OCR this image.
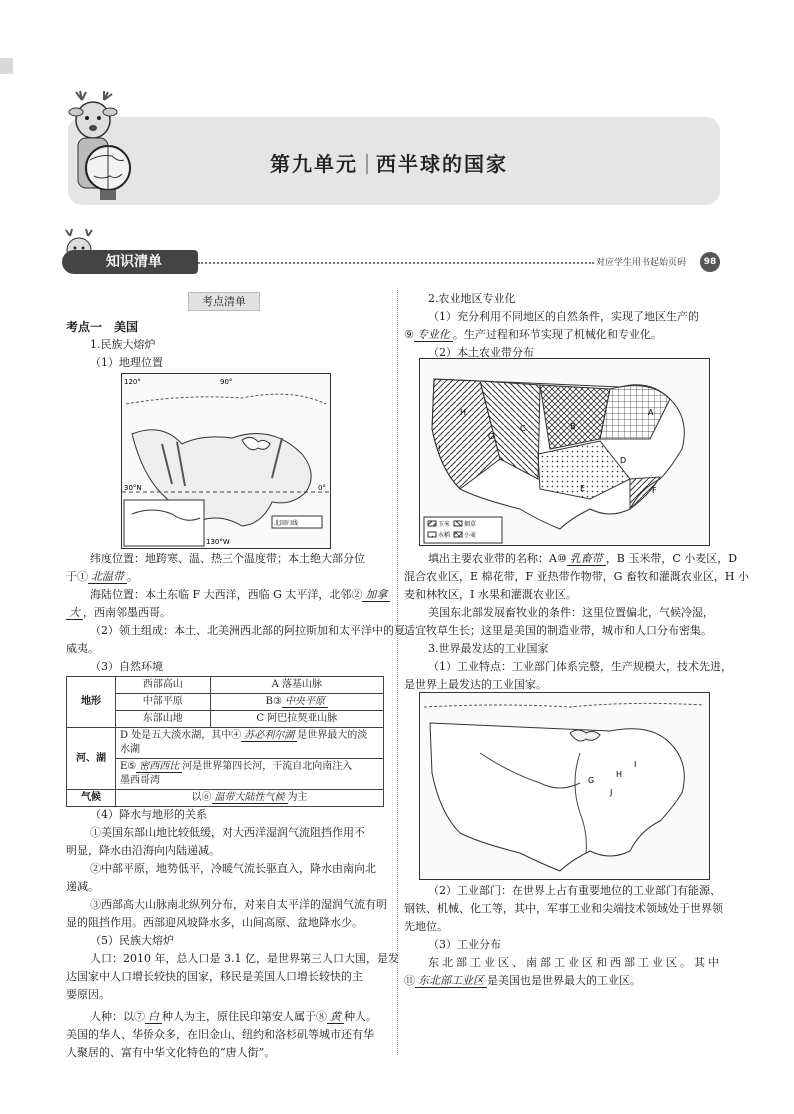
第九单元 西半球的国家
知识清单	对应学生用书起始页码	98
考点清单
考点一　美国
1.民族大熔炉
（1）地理位置
北回归线
120°	90°
30°N
130°W
0°
纬度位置：地跨寒、温、热三个温度带；本土绝大部分位
于① 北温带 。
海陆位置：本土东临 F 大西洋，西临 G 太平洋，北邻② 加拿
大 ，西南邻墨西哥。
（2）领土组成：本土、北美洲西北部的阿拉斯加和太平洋中的夏
威夷。
（3）自然环境
地形	西部高山	A 落基山脉
	中部平原	B③ 中央平原
	东部山地	C 阿巴拉契亚山脉
河、湖	D 处是五大淡水湖，其中④ 苏必利尔湖 是世界最大的淡
水湖	
	E⑤ 密西西比 河是世界第四长河，干流自北向南注入
墨西哥湾	
气候	以⑥ 温带大陆性气候 为主	
（4）降水与地形的关系
①美国东部山地比较低缓，对大西洋湿润气流阻挡作用不
明显，降水由沿海向内陆递减。
②中部平原，地势低平，冷暖气流长驱直入，降水由南向北
递减。
③西部高大山脉南北纵列分布，对来自太平洋的湿润气流有明
显的阻挡作用。西部迎风坡降水多，山间高原、盆地降水少。
（5）民族大熔炉
人口：2010 年，总人口是 3.1 亿，是世界第三人口大国，是发
达国家中人口增长较快的国家，移民是美国人口增长较快的主
要原因。
人种：以⑦ 白 种人为主，原住民印第安人属于⑧ 黄 种人。
美国的华人、华侨众多，在旧金山、纽约和洛杉矶等城市还有华
人聚居的、富有中华文化特色的“唐人街”。
2.农业地区专业化
（1）充分利用不同地区的自然条件，实现了地区生产的
⑨ 专业化 。生产过程和环节实现了机械化和专业化。
（2）本土农业带分布
G
C	B
A
I
H
D
E	F
玉米
水稻
烟草
小麦
填出主要农业带的名称：A⑩ 乳畜带 ，B 玉米带，C 小麦区，D
混合农业区，E 棉花带，F 亚热带作物带，G 畜牧和灌溉农业区，H 小
麦和林牧区，I 水果和灌溉农业区。
美国东北部发展畜牧业的条件：这里位置偏北，气候冷湿，
适宜牧草生长；这里是美国的制造业带，城市和人口分布密集。
3.世界最发达的工业国家
（1）工业特点：工业部门体系完整，生产规模大，技术先进，
是世界上最发达的工业国家。
G
H
I
J
（2）工业部门：在世界上占有重要地位的工业部门有能源、
钢铁、机械、化工等，其中，军事工业和尖端技术领域处于世界领
先地位。
（3）工业分布
东北部工业区、南部工业区和西部工业区。其中
⑪ 东北部工业区 是美国也是世界最大的工业区。
